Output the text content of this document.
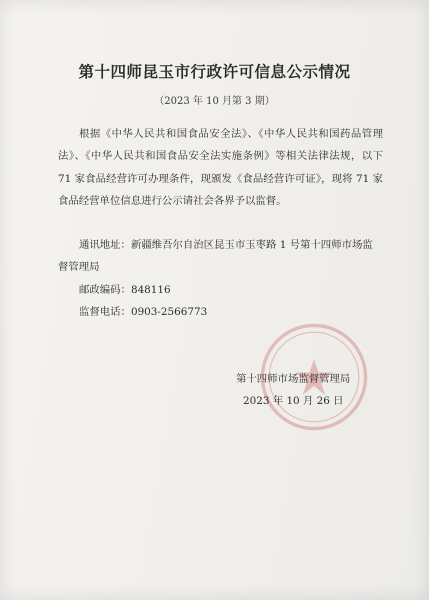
第十四师昆玉市行政许可信息公示情况
（2023 年 10 月第 3 期）
根据《中华人民共和国食品安全法》、《中华人民共和国药品管理法》、《中华人民共和国食品安全法实施条例》等相关法律法规，以下 71 家食品经营许可办理条件，现颁发《食品经营许可证》，现将 71 家食品经营单位信息进行公示请社会各界予以监督。
通讯地址：新疆维吾尔自治区昆玉市玉枣路 1 号第十四师市场监督管理局
邮政编码：848116
监督电话：0903-2566773
第十四师市场监督管理局
2023 年 10 月 26 日
